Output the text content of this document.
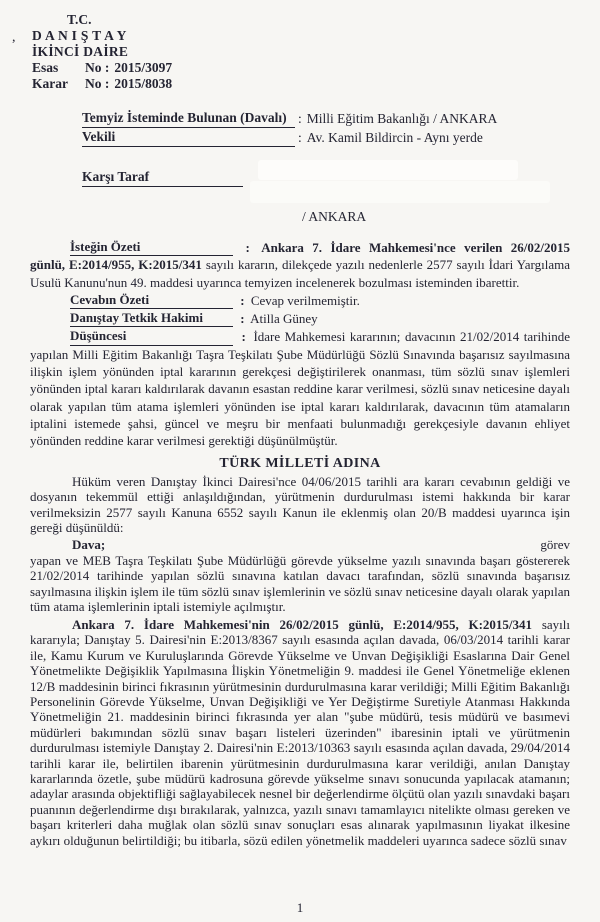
,
T.C.
D A N I Ş T A Y
İKİNCİ DAİRE
Esas	No : 2015/3097
Karar	No : 2015/8038
Temyiz İsteminde Bulunan (Davalı) : Milli Eğitim Bakanlığı / ANKARA
Vekili	: Av. Kamil Bildircin - Aynı yerde
Karşı Taraf
/ ANKARA

İsteğin Özeti	: Ankara 7. İdare Mahkemesi'nce verilen 26/02/2015 günlü, E:2014/955, K:2015/341 sayılı kararın, dilekçede yazılı nedenlerle 2577 sayılı İdari Yargılama Usulü Kanunu'nun 49. maddesi uyarınca temyizen incelenerek bozulması isteminden ibarettir.

Cevabın Özeti	: Cevap verilmemiştir.

Danıştay Tetkik Hakimi	: Atilla Güney

Düşüncesi	: İdare Mahkemesi kararının; davacının 21/02/2014 tarihinde yapılan Milli Eğitim Bakanlığı Taşra Teşkilatı Şube Müdürlüğü Sözlü Sınavında başarısız sayılmasına ilişkin işlem yönünden iptal kararının gerekçesi değiştirilerek onanması, tüm sözlü sınav işlemleri yönünden iptal kararı kaldırılarak davanın esastan reddine karar verilmesi, sözlü sınav neticesine dayalı olarak yapılan tüm atama işlemleri yönünden ise iptal kararı kaldırılarak, davacının tüm atamaların iptalini istemede şahsi, güncel ve meşru bir menfaati bulunmadığı gerekçesiyle davanın ehliyet yönünden reddine karar verilmesi gerektiği düşünülmüştür.

TÜRK MİLLETİ ADINA

Hüküm veren Danıştay İkinci Dairesi'nce 04/06/2015 tarihli ara kararı cevabının geldiği ve dosyanın tekemmül ettiği anlaşıldığından, yürütmenin durdurulması istemi hakkında bir karar verilmeksizin 2577 sayılı Kanuna 6552 sayılı Kanun ile eklenmiş olan 20/B maddesi uyarınca işin gereği düşünüldü:

Dava;	görev

yapan ve MEB Taşra Teşkilatı Şube Müdürlüğü görevde yükselme yazılı sınavında başarı göstererek 21/02/2014 tarihinde yapılan sözlü sınavına katılan davacı tarafından, sözlü sınavında başarısız sayılmasına ilişkin işlem ile tüm sözlü sınav işlemlerinin ve sözlü sınav neticesine dayalı olarak yapılan tüm atama işlemlerinin iptali istemiyle açılmıştır.

Ankara 7. İdare Mahkemesi'nin 26/02/2015 günlü, E:2014/955, K:2015/341 sayılı kararıyla; Danıştay 5. Dairesi'nin E:2013/8367 sayılı esasında açılan davada, 06/03/2014 tarihli karar ile, Kamu Kurum ve Kuruluşlarında Görevde Yükselme ve Unvan Değişikliği Esaslarına Dair Genel Yönetmelikte Değişiklik Yapılmasına İlişkin Yönetmeliğin 9. maddesi ile Genel Yönetmeliğe eklenen 12/B maddesinin birinci fıkrasının yürütmesinin durdurulmasına karar verildiği; Milli Eğitim Bakanlığı Personelinin Görevde Yükselme, Unvan Değişikliği ve Yer Değiştirme Suretiyle Atanması Hakkında Yönetmeliğin 21. maddesinin birinci fıkrasında yer alan "şube müdürü, tesis müdürü ve basımevi müdürleri bakımından sözlü sınav başarı listeleri üzerinden" ibaresinin iptali ve yürütmenin durdurulması istemiyle Danıştay 2. Dairesi'nin E:2013/10363 sayılı esasında açılan davada, 29/04/2014 tarihli karar ile, belirtilen ibarenin yürütmesinin durdurulmasına karar verildiği, anılan Danıştay kararlarında özetle, şube müdürü kadrosuna görevde yükselme sınavı sonucunda yapılacak atamanın; adaylar arasında objektifliği sağlayabilecek nesnel bir değerlendirme ölçütü olan yazılı sınavdaki başarı puanının değerlendirme dışı bırakılarak, yalnızca, yazılı sınavı tamamlayıcı nitelikte olması gereken ve başarı kriterleri daha muğlak olan sözlü sınav sonuçları esas alınarak yapılmasının liyakat ilkesine aykırı olduğunun belirtildiği; bu itibarla, sözü edilen yönetmelik maddeleri uyarınca sadece sözlü sınav

1
